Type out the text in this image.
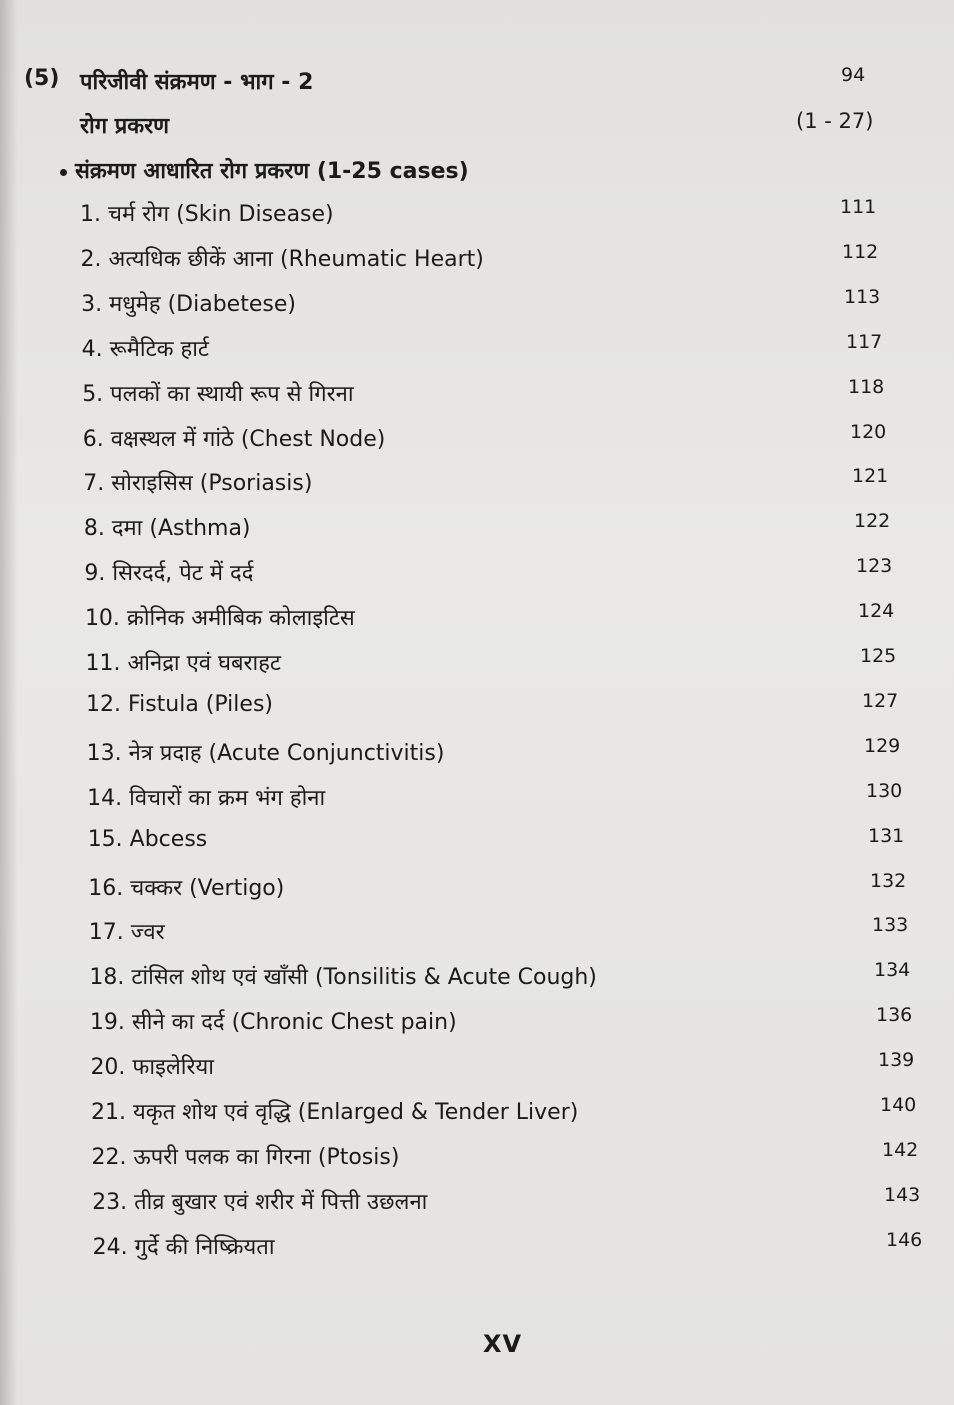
(5) परिजीवी संक्रमण - भाग - 2	94
रोग प्रकरण	(1 - 27)
संक्रमण आधारित रोग प्रकरण (1-25 cases)
1. चर्म रोग (Skin Disease)	111
2. अत्यधिक छीकें आना (Rheumatic Heart)	112
3. मधुमेह (Diabetese)	113
4. रूमैटिक हार्ट	117
5. पलकों का स्थायी रूप से गिरना	118
6. वक्षस्थल में गांठे (Chest Node)	120
7. सोराइसिस (Psoriasis)	121
8. दमा (Asthma)	122
9. सिरदर्द, पेट में दर्द	123
10. क्रोनिक अमीबिक कोलाइटिस	124
11. अनिद्रा एवं घबराहट	125
12. Fistula (Piles)	127
13. नेत्र प्रदाह (Acute Conjunctivitis)	129
14. विचारों का क्रम भंग होना	130
15. Abcess	131
16. चक्कर (Vertigo)	132
17. ज्वर	133
18. टांसिल शोथ एवं खाँसी (Tonsilitis & Acute Cough)	134
19. सीने का दर्द (Chronic Chest pain)	136
20. फाइलेरिया	139
21. यकृत शोथ एवं वृद्धि (Enlarged & Tender Liver)	140
22. ऊपरी पलक का गिरना (Ptosis)	142
23. तीव्र बुखार एवं शरीर में पित्ती उछलना	143
24. गुर्दे की निष्क्रियता	146
XV
